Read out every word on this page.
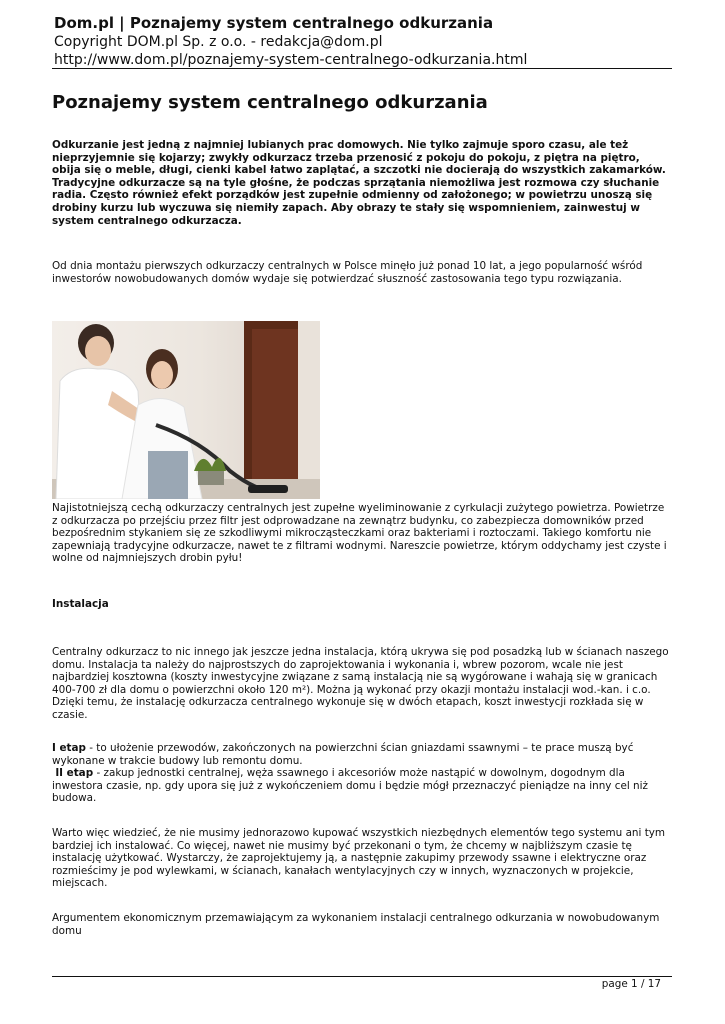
Dom.pl | Poznajemy system centralnego odkurzania
Copyright DOM.pl Sp. z o.o. - redakcja@dom.pl
http://www.dom.pl/poznajemy-system-centralnego-odkurzania.html
Poznajemy system centralnego odkurzania

Odkurzanie jest jedną z najmniej lubianych prac domowych. Nie tylko zajmuje sporo czasu, ale też nieprzyjemnie się kojarzy; zwykły odkurzacz trzeba przenosić z pokoju do pokoju, z piętra na piętro, obija się o meble, długi, cienki kabel łatwo zaplątać, a szczotki nie docierają do wszystkich zakamarków. Tradycyjne odkurzacze są na tyle głośne, że podczas sprzątania niemożliwa jest rozmowa czy słuchanie radia. Często również efekt porządków jest zupełnie odmienny od założonego; w powietrzu unoszą się drobiny kurzu lub wyczuwa się niemiły zapach. Aby obrazy te stały się wspomnieniem, zainwestuj w system centralnego odkurzacza.

Od dnia montażu pierwszych odkurzaczy centralnych w Polsce minęło już ponad 10 lat, a jego popularność wśród inwestorów nowobudowanych domów wydaje się potwierdzać słuszność zastosowania tego typu rozwiązania.

Najistotniejszą cechą odkurzaczy centralnych jest zupełne wyeliminowanie z cyrkulacji zużytego powietrza. Powietrze z odkurzacza po przejściu przez filtr jest odprowadzane na zewnątrz budynku, co zabezpiecza domowników przed bezpośrednim stykaniem się ze szkodliwymi mikrocząsteczkami oraz bakteriami i roztoczami. Takiego komfortu nie zapewniają tradycyjne odkurzacze, nawet te z filtrami wodnymi. Nareszcie powietrze, którym oddychamy jest czyste i wolne od najmniejszych drobin pyłu!

Instalacja

Centralny odkurzacz to nic innego jak jeszcze jedna instalacja, którą ukrywa się pod posadzką lub w ścianach naszego domu. Instalacja ta należy do najprostszych do zaprojektowania i wykonania i, wbrew pozorom, wcale nie jest najbardziej kosztowna (koszty inwestycyjne związane z samą instalacją nie są wygórowane i wahają się w granicach 400-700 zł dla domu o powierzchni około 120 m²). Można ją wykonać przy okazji montażu instalacji wod.-kan. i c.o. Dzięki temu, że instalację odkurzacza centralnego wykonuje się w dwóch etapach, koszt inwestycji rozkłada się w czasie.

I etap - to ułożenie przewodów, zakończonych na powierzchni ścian gniazdami ssawnymi – te prace muszą być wykonane w trakcie budowy lub remontu domu.
II etap - zakup jednostki centralnej, węża ssawnego i akcesoriów może nastąpić w dowolnym, dogodnym dla inwestora czasie, np. gdy upora się już z wykończeniem domu i będzie mógł przeznaczyć pieniądze na inny cel niż budowa.

Warto więc wiedzieć, że nie musimy jednorazowo kupować wszystkich niezbędnych elementów tego systemu ani tym bardziej ich instalować. Co więcej, nawet nie musimy być przekonani o tym, że chcemy w najbliższym czasie tę instalację użytkować. Wystarczy, że zaprojektujemy ją, a następnie zakupimy przewody ssawne i elektryczne oraz rozmieścimy je pod wylewkami, w ścianach, kanałach wentylacyjnych czy w innych, wyznaczonych w projekcie, miejscach.

Argumentem ekonomicznym przemawiającym za wykonaniem instalacji centralnego odkurzania w nowobudowanym domu

page 1 / 17
